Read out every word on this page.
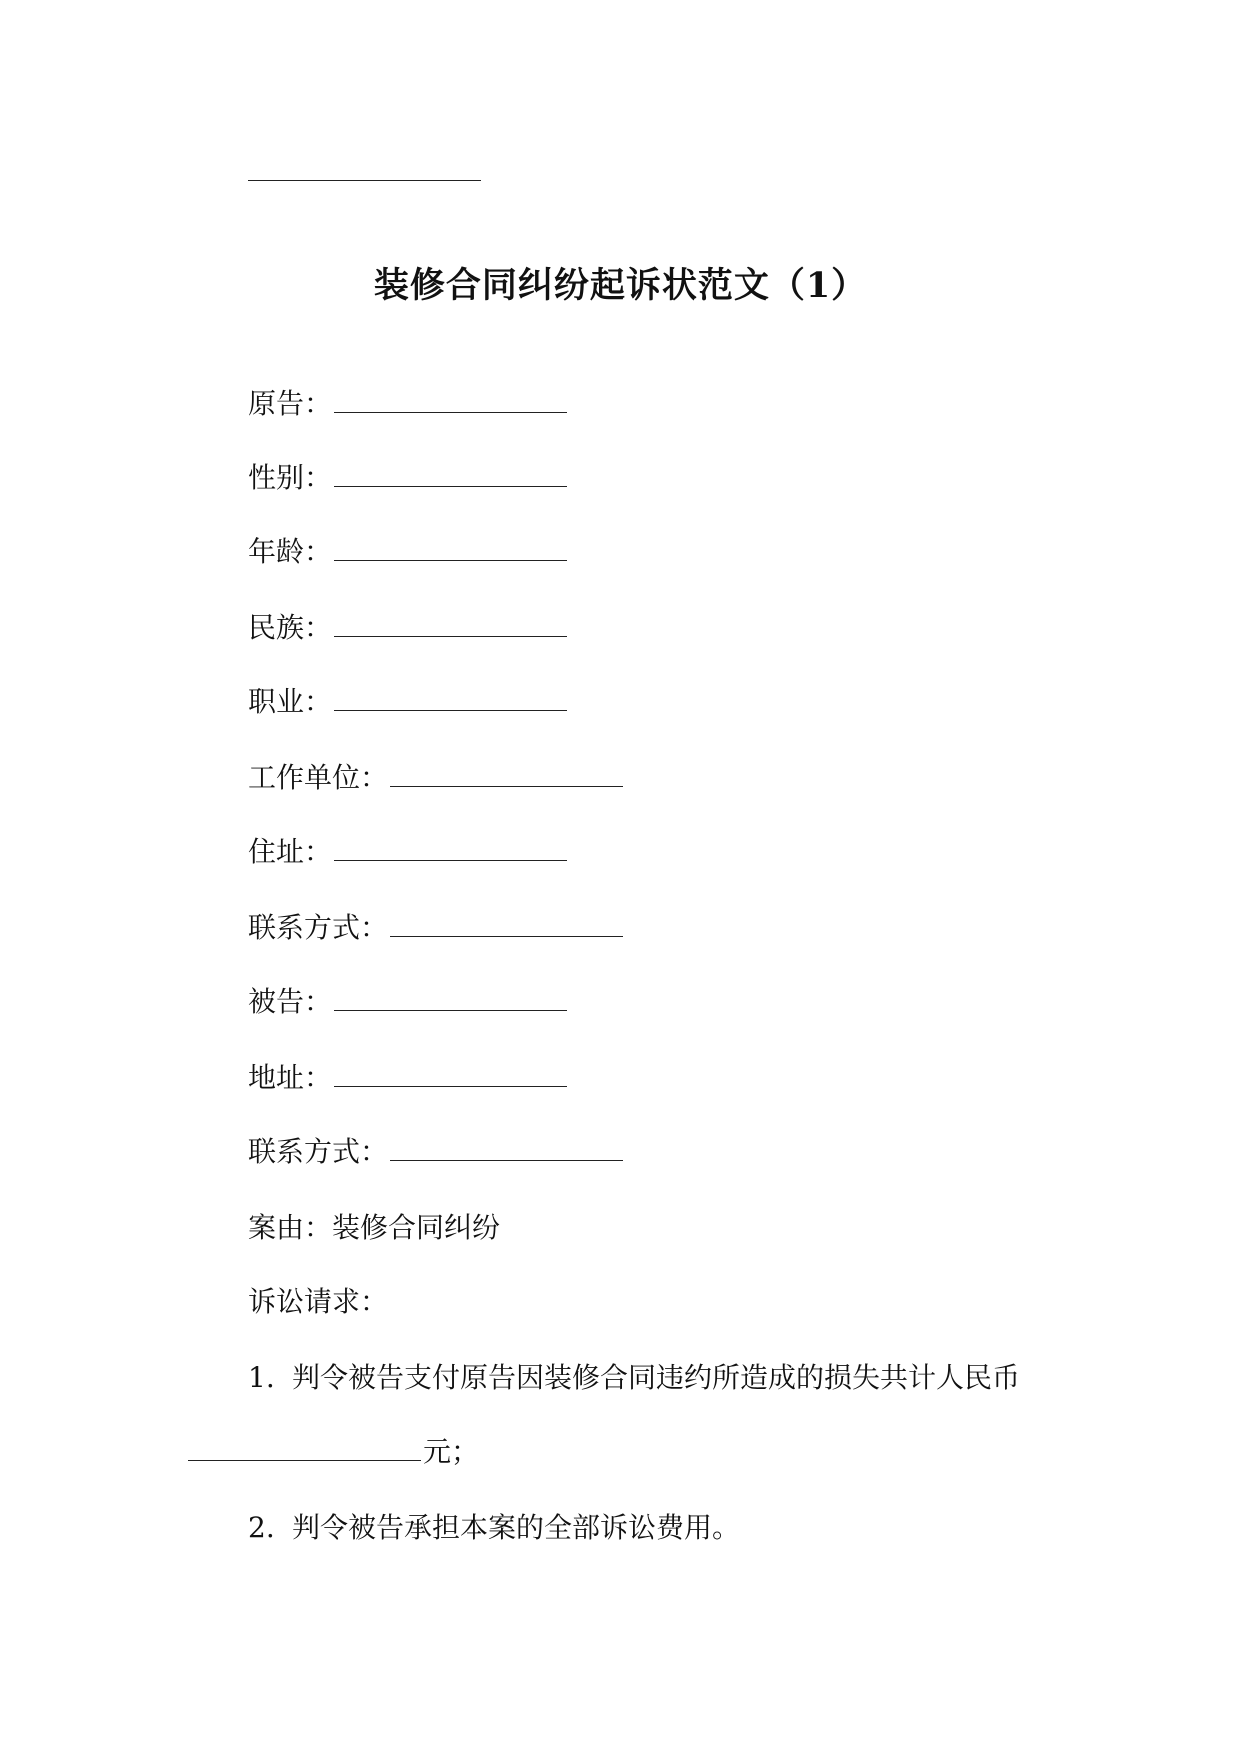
装修合同纠纷起诉状范文（1）
原告：
性别：
年龄：
民族：
职业：
工作单位：
住址：
联系方式：
被告：
地址：
联系方式：
案由：装修合同纠纷
诉讼请求：
1. 判令被告支付原告因装修合同违约所造成的损失共计人民币
元；
2. 判令被告承担本案的全部诉讼费用。
